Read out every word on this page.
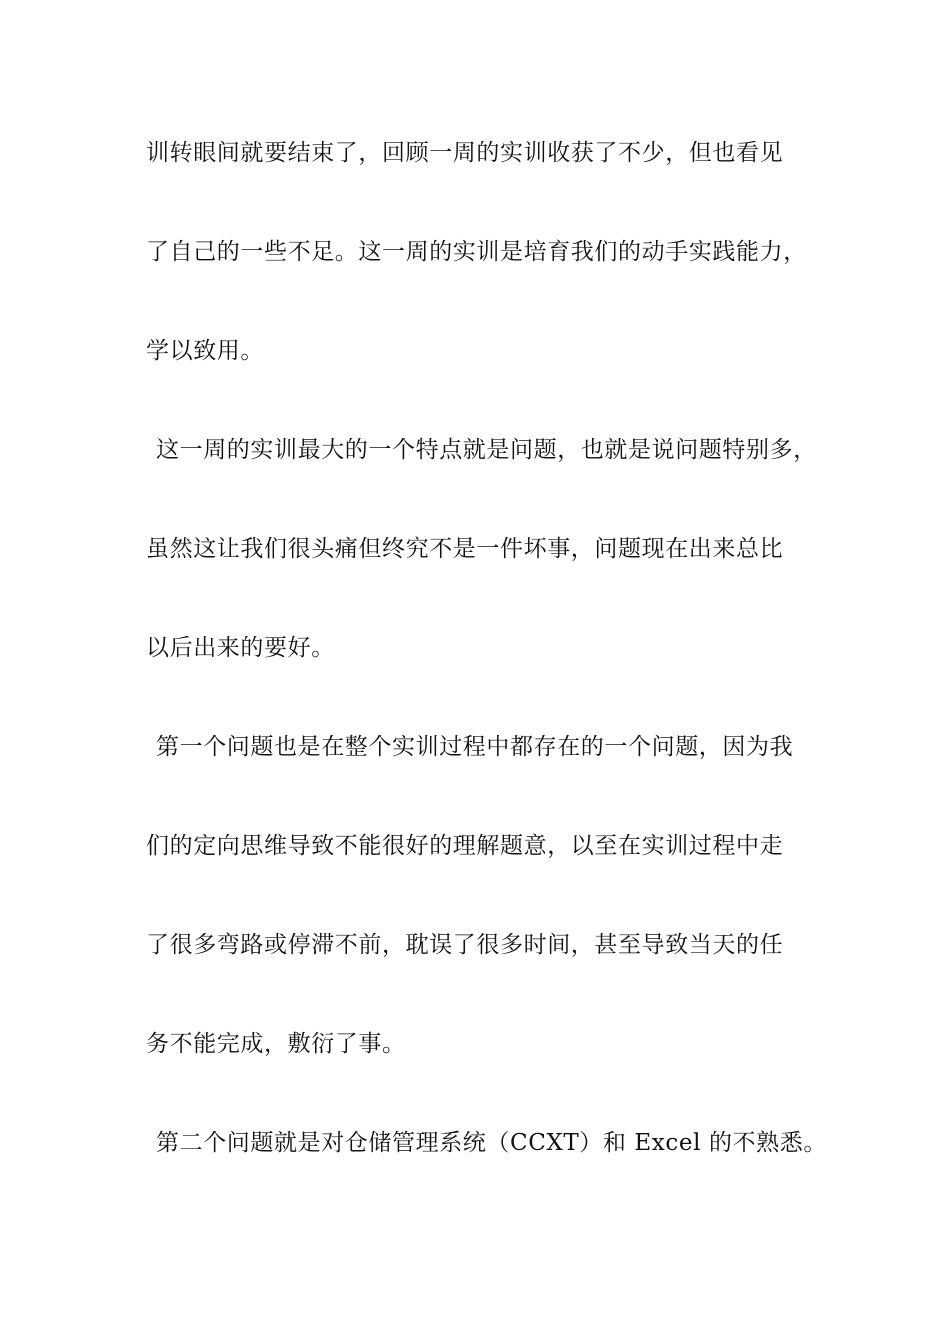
训转眼间就要结束了，回顾一周的实训收获了不少，但也看见
了自己的一些不足。这一周的实训是培育我们的动手实践能力，
学以致用。
这一周的实训最大的一个特点就是问题，也就是说问题特别多，
虽然这让我们很头痛但终究不是一件坏事，问题现在出来总比
以后出来的要好。
第一个问题也是在整个实训过程中都存在的一个问题，因为我
们的定向思维导致不能很好的理解题意，以至在实训过程中走
了很多弯路或停滞不前，耽误了很多时间，甚至导致当天的任
务不能完成，敷衍了事。
第二个问题就是对仓储管理系统（CCXT）和 Excel 的不熟悉。
